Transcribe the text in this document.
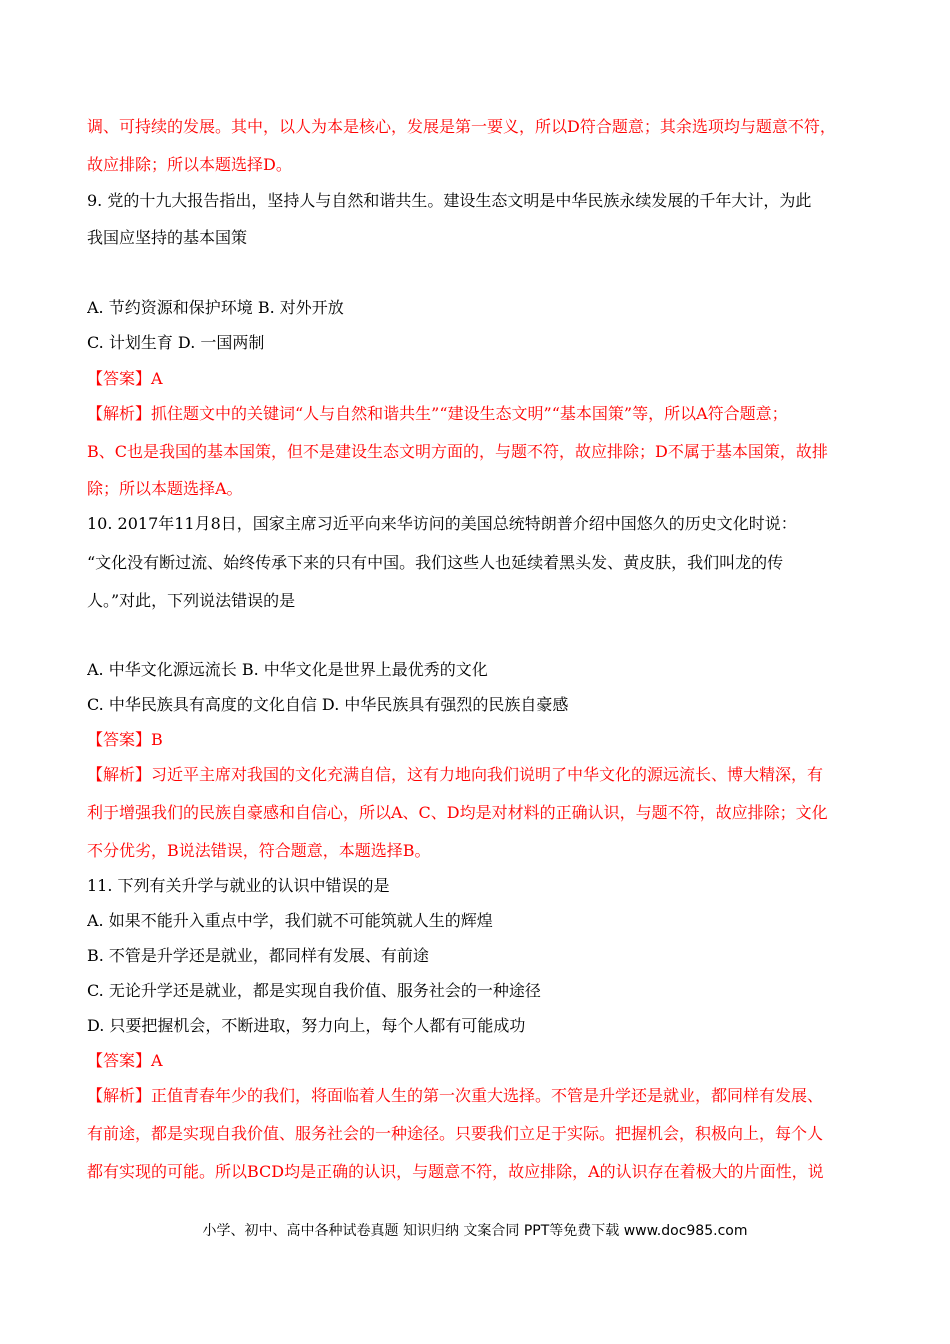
调、可持续的发展。其中，以人为本是核心，发展是第一要义，所以D符合题意；其余选项均与题意不符，
故应排除；所以本题选择D。
9. 党的十九大报告指出，坚持人与自然和谐共生。建设生态文明是中华民族永续发展的千年大计，为此
我国应坚持的基本国策
A. 节约资源和保护环境 B. 对外开放
C. 计划生育 D. 一国两制
【答案】A
【解析】抓住题文中的关键词“人与自然和谐共生”“建设生态文明”“基本国策”等，所以A符合题意；
B、C也是我国的基本国策，但不是建设生态文明方面的，与题不符，故应排除；D不属于基本国策，故排
除；所以本题选择A。
10. 2017年11月8日，国家主席习近平向来华访问的美国总统特朗普介绍中国悠久的历史文化时说：
“文化没有断过流、始终传承下来的只有中国。我们这些人也延续着黑头发、黄皮肤，我们叫龙的传
人。”对此，下列说法错误的是
A. 中华文化源远流长 B. 中华文化是世界上最优秀的文化
C. 中华民族具有高度的文化自信 D. 中华民族具有强烈的民族自豪感
【答案】B
【解析】习近平主席对我国的文化充满自信，这有力地向我们说明了中华文化的源远流长、博大精深，有
利于增强我们的民族自豪感和自信心，所以A、C、D均是对材料的正确认识，与题不符，故应排除；文化
不分优劣，B说法错误，符合题意，本题选择B。
11. 下列有关升学与就业的认识中错误的是
A. 如果不能升入重点中学，我们就不可能筑就人生的辉煌
B. 不管是升学还是就业，都同样有发展、有前途
C. 无论升学还是就业，都是实现自我价值、服务社会的一种途径
D. 只要把握机会，不断进取，努力向上，每个人都有可能成功
【答案】A
【解析】正值青春年少的我们，将面临着人生的第一次重大选择。不管是升学还是就业，都同样有发展、
有前途，都是实现自我价值、服务社会的一种途径。只要我们立足于实际。把握机会，积极向上，每个人
都有实现的可能。所以BCD均是正确的认识，与题意不符，故应排除，A的认识存在着极大的片面性，说
小学、初中、高中各种试卷真题 知识归纳 文案合同 PPT等免费下载 www.doc985.com
